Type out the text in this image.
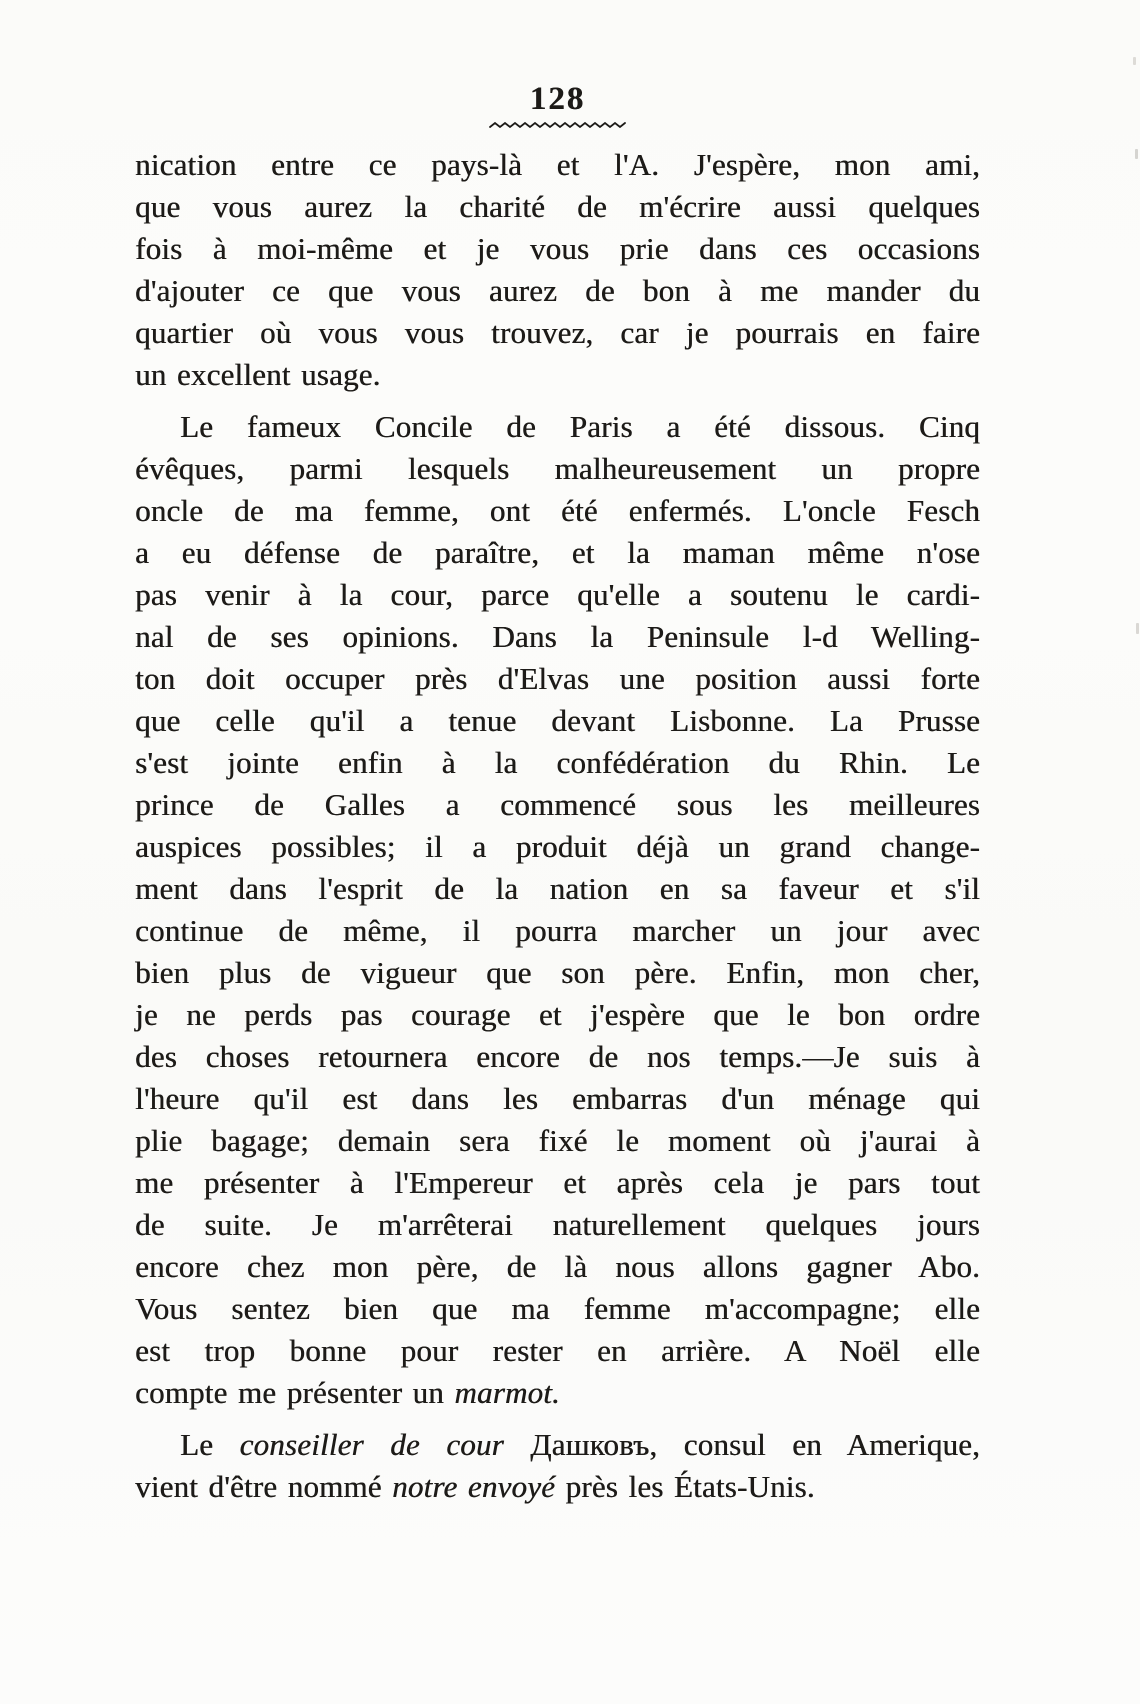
128
nication entre ce pays-là et l'A. J'espère, mon ami,
que vous aurez la charité de m'écrire aussi quelques
fois à moi-même et je vous prie dans ces occasions
d'ajouter ce que vous aurez de bon à me mander du
quartier où vous vous trouvez, car je pourrais en faire
un excellent usage.
Le fameux Concile de Paris a été dissous. Cinq
évêques, parmi lesquels malheureusement un propre
oncle de ma femme, ont été enfermés. L'oncle Fesch
a eu défense de paraître, et la maman même n'ose
pas venir à la cour, parce qu'elle a soutenu le cardi-
nal de ses opinions. Dans la Peninsule l-d Welling-
ton doit occuper près d'Elvas une position aussi forte
que celle qu'il a tenue devant Lisbonne. La Prusse
s'est jointe enfin à la confédération du Rhin. Le
prince de Galles a commencé sous les meilleures
auspices possibles; il a produit déjà un grand change-
ment dans l'esprit de la nation en sa faveur et s'il
continue de même, il pourra marcher un jour avec
bien plus de vigueur que son père. Enfin, mon cher,
je ne perds pas courage et j'espère que le bon ordre
des choses retournera encore de nos temps.—Je suis à
l'heure qu'il est dans les embarras d'un ménage qui
plie bagage; demain sera fixé le moment où j'aurai à
me présenter à l'Empereur et après cela je pars tout
de suite. Je m'arrêterai naturellement quelques jours
encore chez mon père, de là nous allons gagner Abo.
Vous sentez bien que ma femme m'accompagne; elle
est trop bonne pour rester en arrière. A Noël elle
compte me présenter un marmot.
Le conseiller de cour Дашковъ, consul en Amerique,
vient d'être nommé notre envoyé près les États-Unis.
